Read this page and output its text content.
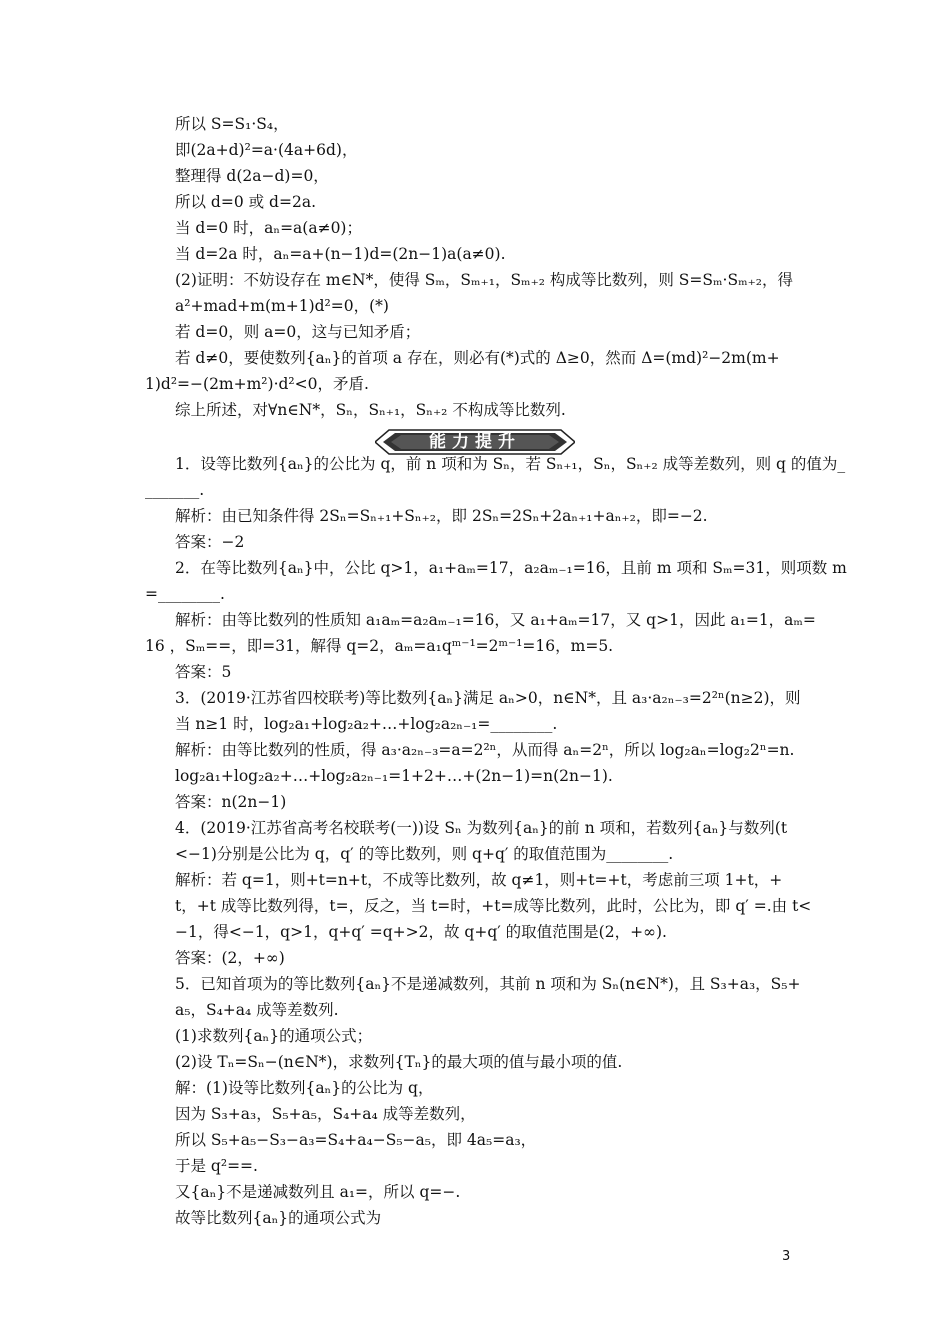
所以 S=S₁·S₄，
即(2a+d)²=a·(4a+6d)，
整理得 d(2a−d)=0，
所以 d=0 或 d=2a.
当 d=0 时，aₙ=a(a≠0)；
当 d=2a 时，aₙ=a+(n−1)d=(2n−1)a(a≠0).
(2)证明：不妨设存在 m∈N*，使得 Sₘ，Sₘ₊₁，Sₘ₊₂ 构成等比数列，则 S=Sₘ·Sₘ₊₂，得
a²+mad+m(m+1)d²=0，(*)
若 d=0，则 a=0，这与已知矛盾；
若 d≠0，要使数列{aₙ}的首项 a 存在，则必有(*)式的 Δ≥0，然而 Δ=(md)²−2m(m+
1)d²=−(2m+m²)·d²<0，矛盾.
综上所述，对∀n∈N*，Sₙ，Sₙ₊₁，Sₙ₊₂ 不构成等比数列.
1．设等比数列{aₙ}的公比为 q，前 n 项和为 Sₙ，若 Sₙ₊₁，Sₙ，Sₙ₊₂ 成等差数列，则 q 的值为_
_______.
解析：由已知条件得 2Sₙ=Sₙ₊₁+Sₙ₊₂，即 2Sₙ=2Sₙ+2aₙ₊₁+aₙ₊₂，即=−2.
答案：−2
2．在等比数列{aₙ}中，公比 q>1，a₁+aₘ=17，a₂aₘ₋₁=16，且前 m 项和 Sₘ=31，则项数 m
=________.
解析：由等比数列的性质知 a₁aₘ=a₂aₘ₋₁=16，又 a₁+aₘ=17，又 q>1，因此 a₁=1，aₘ=
16 ，Sₘ==，即=31，解得 q=2，aₘ=a₁qᵐ⁻¹=2ᵐ⁻¹=16，m=5.
答案：5
3．(2019·江苏省四校联考)等比数列{aₙ}满足 aₙ>0，n∈N*，且 a₃·a₂ₙ₋₃=2²ⁿ(n≥2)，则
当 n≥1 时，log₂a₁+log₂a₂+…+log₂a₂ₙ₋₁=________.
解析：由等比数列的性质，得 a₃·a₂ₙ₋₃=a=2²ⁿ，从而得 aₙ=2ⁿ，所以 log₂aₙ=log₂2ⁿ=n.
log₂a₁+log₂a₂+…+log₂a₂ₙ₋₁=1+2+…+(2n−1)=n(2n−1).
答案：n(2n−1)
4．(2019·江苏省高考名校联考(一))设 Sₙ 为数列{aₙ}的前 n 项和，若数列{aₙ}与数列(t
<−1)分别是公比为 q，q′ 的等比数列，则 q+q′ 的取值范围为________.
解析：若 q=1，则+t=n+t，不成等比数列，故 q≠1，则+t=+t，考虑前三项 1+t，+
t，+t 成等比数列得，t=，反之，当 t=时，+t=成等比数列，此时，公比为，即 q′ =.由 t<
−1，得<−1，q>1，q+q′ =q+>2，故 q+q′ 的取值范围是(2，+∞).
答案：(2，+∞)
5．已知首项为的等比数列{aₙ}不是递减数列，其前 n 项和为 Sₙ(n∈N*)，且 S₃+a₃，S₅+
a₅，S₄+a₄ 成等差数列.
(1)求数列{aₙ}的通项公式；
(2)设 Tₙ=Sₙ−(n∈N*)，求数列{Tₙ}的最大项的值与最小项的值.
解：(1)设等比数列{aₙ}的公比为 q，
因为 S₃+a₃，S₅+a₅，S₄+a₄ 成等差数列，
所以 S₅+a₅−S₃−a₃=S₄+a₄−S₅−a₅，即 4a₅=a₃，
于是 q²==.
又{aₙ}不是递减数列且 a₁=，所以 q=−.
故等比数列{aₙ}的通项公式为
能力提升
3
